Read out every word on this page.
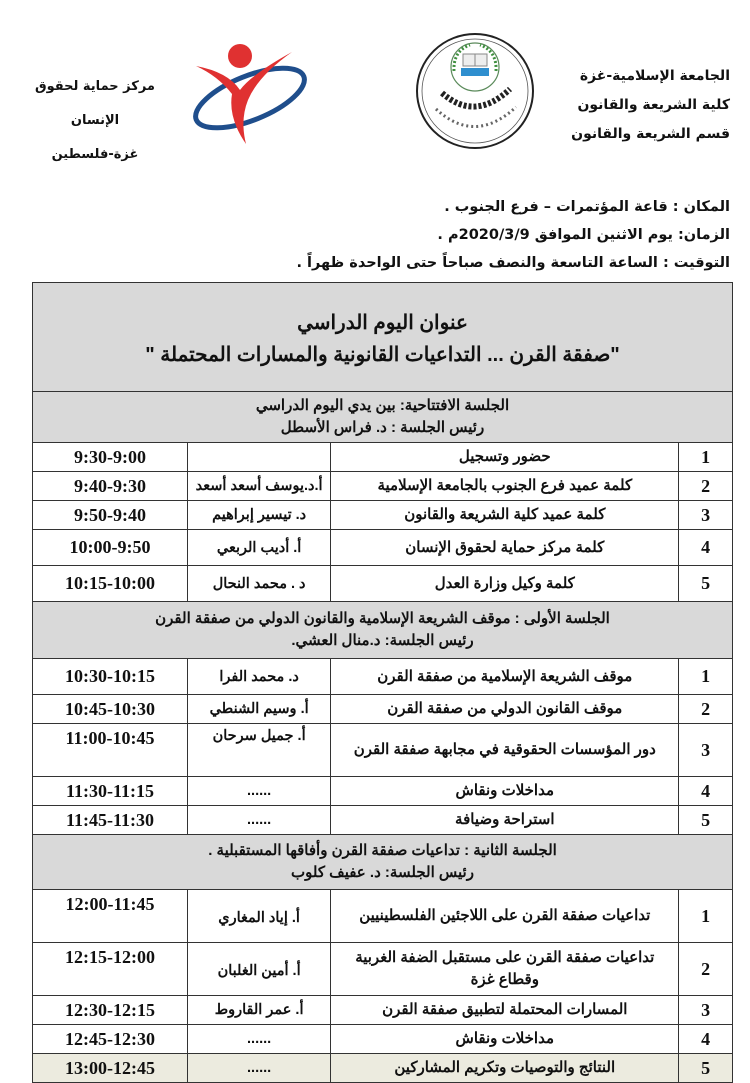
الجامعة الإسلامية-غزة
كلية الشريعة والقانون
قسم الشريعة والقانون
مركز حماية لحقوق الإنسان
غزة-فلسطين
المكان : قاعة المؤتمرات – فرع الجنوب .
الزمان: يوم الاثنين الموافق 2020/3/9م .
التوقيت : الساعة التاسعة والنصف صباحاً حتى الواحدة ظهراً .
عنوان اليوم الدراسي
"صفقة القرن ... التداعيات القانونية والمسارات المحتملة "			

الجلسة الافتتاحية: بين يدي اليوم الدراسي
رئيس الجلسة : د. فراس الأسطل			

1	حضور وتسجيل		9:30-9:00
2	كلمة عميد فرع الجنوب بالجامعة الإسلامية	أ.د.يوسف أسعد أسعد	9:40-9:30
3	كلمة عميد كلية الشريعة والقانون	د. تيسير إبراهيم	9:50-9:40
4	كلمة مركز حماية لحقوق الإنسان	أ. أديب الربعي	10:00-9:50
5	كلمة وكيل وزارة العدل	د . محمد النحال	10:15-10:00

الجلسة الأولى : موقف الشريعة الإسلامية والقانون الدولي من صفقة القرن
رئيس الجلسة: د.منال العشي.			

1	موقف الشريعة الإسلامية من صفقة القرن	د. محمد الفرا	10:30-10:15
2	موقف القانون الدولي من صفقة القرن	أ. وسيم الشنطي	10:45-10:30
3	دور المؤسسات الحقوقية في مجابهة صفقة القرن	أ. جميل سرحان	11:00-10:45
4	مداخلات ونقاش	......	11:30-11:15
5	استراحة وضيافة	......	11:45-11:30

الجلسة الثانية : تداعيات صفقة القرن وأفاقها المستقبلية .
رئيس الجلسة: د. عفيف كلوب			

1	تداعيات صفقة القرن على اللاجئين الفلسطينيين	أ. إياد المغاري	12:00-11:45
2	تداعيات صفقة القرن على مستقبل الضفة الغربية وقطاع غزة	أ. أمين الغلبان	12:15-12:00
3	المسارات المحتملة لتطبيق صفقة القرن	أ. عمر القاروط	12:30-12:15
4	مداخلات ونقاش	......	12:45-12:30
5	النتائج والتوصيات وتكريم المشاركين	......	13:00-12:45
